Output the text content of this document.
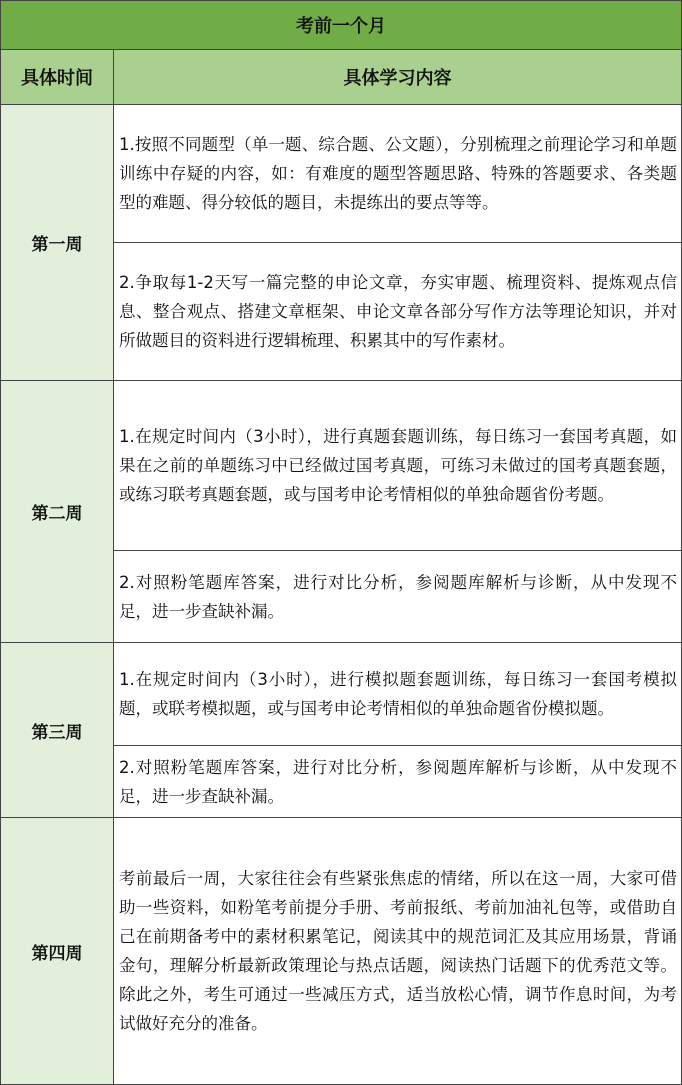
考前一个月	
具体时间	具体学习内容
第一周	1.按照不同题型（单一题、综合题、公文题），分别梳理之前理论学习和单题训练中存疑的内容，如：有难度的题型答题思路、特殊的答题要求、各类题型的难题、得分较低的题目，未提练出的要点等等。
	2.争取每1-2天写一篇完整的申论文章，夯实审题、梳理资料、提炼观点信息、整合观点、搭建文章框架、申论文章各部分写作方法等理论知识，并对所做题目的资料进行逻辑梳理、积累其中的写作素材。
第二周	1.在规定时间内（3小时），进行真题套题训练，每日练习一套国考真题，如果在之前的单题练习中已经做过国考真题，可练习未做过的国考真题套题，或练习联考真题套题，或与国考申论考情相似的单独命题省份考题。
	2.对照粉笔题库答案，进行对比分析，参阅题库解析与诊断，从中发现不足，进一步查缺补漏。
第三周	1.在规定时间内（3小时），进行模拟题套题训练，每日练习一套国考模拟题，或联考模拟题，或与国考申论考情相似的单独命题省份模拟题。
	2.对照粉笔题库答案，进行对比分析，参阅题库解析与诊断，从中发现不足，进一步查缺补漏。
第四周	考前最后一周，大家往往会有些紧张焦虑的情绪，所以在这一周，大家可借助一些资料，如粉笔考前提分手册、考前报纸、考前加油礼包等，或借助自己在前期备考中的素材积累笔记，阅读其中的规范词汇及其应用场景，背诵金句，理解分析最新政策理论与热点话题，阅读热门话题下的优秀范文等。除此之外，考生可通过一些减压方式，适当放松心情，调节作息时间，为考试做好充分的准备。
